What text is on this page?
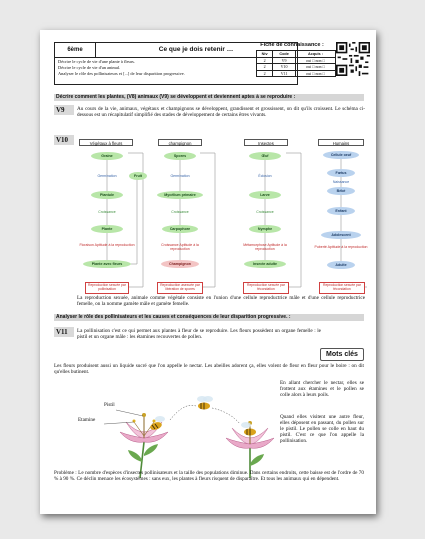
6ème	Ce que je dois retenir …
Décrire le cycle de vie d'une plante à fleurs.
Décrire le cycle de vie d'un animal.
Analyser le rôle des pollinisateurs et [...] de leur disparition progressive.
Fiche de connaissance :
Niv	Code	Acquis :
2	V9	oui □ non □
2	V10	oui □ non □
2	V11	oui □ non □
Décrire comment les plantes, (V8) animaux (V9) se développent et deviennent aptes à se reproduire :
V9	Au cours de la vie, animaux, végétaux et champignons se développent, grandissent et grossissent, on dit qu'ils croissent. Le schéma ci-dessous est un récapitulatif simplifié des stades de développement de certains êtres vivants.
V10	Végétaux à fleurs	champignon	Insectes	Humains
Graine
Plantule
Plante
Plante avec fleurs
Fruit
Germination
Croissance
Floraison Aptitude à la reproduction
Reproduction sexuée par pollinisation
Spores
Mycélium primaire
Carpophore
Champignon
Germination
Croissance
Croissance Aptitude à la reproduction
Reproduction asexuée par libération de spores
Œuf
Larve
Nymphe
Insecte adulte
Éclosion
Croissance
Métamorphose Aptitude à la reproduction
Reproduction sexuée par fécondation
Cellule oeuf
Fœtus
Bébé
Enfant
Adolescent
Adulte
Naissance
Puberté Aptitude à la reproduction
Reproduction sexuée par fécondation
La reproduction sexuée, animale comme végétale consiste en l'union d'une cellule reproductrice mâle et d'une cellule reproductrice femelle, on la nomme gamète mâle et gamète femelle.
Analyser le rôle des pollinisateurs et les causes et conséquences de leur disparition progressive. :
V11	La pollinisation c'est ce qui permet aux plantes à fleur de se reproduire. Les fleurs possèdent un organe femelle : le pistil et un organe mâle : les étamines recouvertes de pollen.
Mots clés
Les fleurs produisent aussi un liquide sucré que l'on appelle le nectar. Les abeilles adorent ça, elles volent de fleur en fleur pour le boire : on dit qu'elles butinent.
Pistil
Etamine
En allant chercher le nectar, elles se frottent aux étamines et le pollen se colle alors à leurs poils.
Quand elles visitent une autre fleur, elles déposent en passant, du pollen sur le pistil. Le pollen se colle en haut du pistil. C'est ce que l'on appelle la pollinisation.
Problème : Le nombre d'espèces d'insectes pollinisateurs et la taille des populations diminue. Dans certains endroits, cette baisse est de l'ordre de 70 % à 90 %. Ce déclin menace les écosystèmes : sans eux, les plantes à fleurs risquent de disparaître. Et tous les animaux qui en dépendent.
